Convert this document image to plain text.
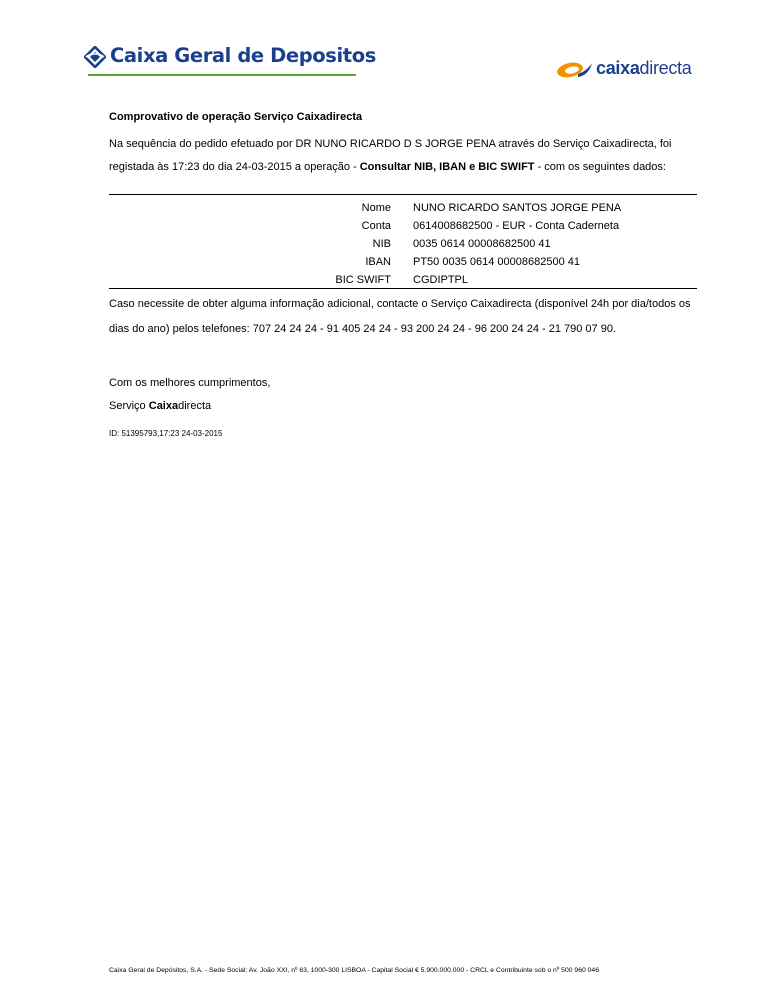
Caixa Geral de Depositos
caixadirecta
Comprovativo de operação Serviço Caixadirecta
Na sequência do pedido efetuado por DR NUNO RICARDO D S JORGE PENA através do Serviço Caixadirecta, foi registada às 17:23 do dia 24-03-2015 a operação - Consultar NIB, IBAN e BIC SWIFT - com os seguintes dados:
Nome NUNO RICARDO SANTOS JORGE PENA
Conta 0614008682500 - EUR - Conta Caderneta
NIB 0035 0614 00008682500 41
IBAN PT50 0035 0614 00008682500 41
BIC SWIFT CGDIPTPL
Caso necessite de obter alguma informação adicional, contacte o Serviço Caixadirecta (disponível 24h por dia/todos os dias do ano) pelos telefones: 707 24 24 24 - 91 405 24 24 - 93 200 24 24 - 96 200 24 24 - 21 790 07 90.
Com os melhores cumprimentos,
Serviço Caixadirecta
ID: 51395793,17:23 24-03-2015
Caixa Geral de Depósitos, S.A. - Sede Social: Av. João XXI, nº 63, 1000-300 LISBOA - Capital Social € 5.900.000.000 - CRCL e Contribuinte sob o nº 500 960 046
